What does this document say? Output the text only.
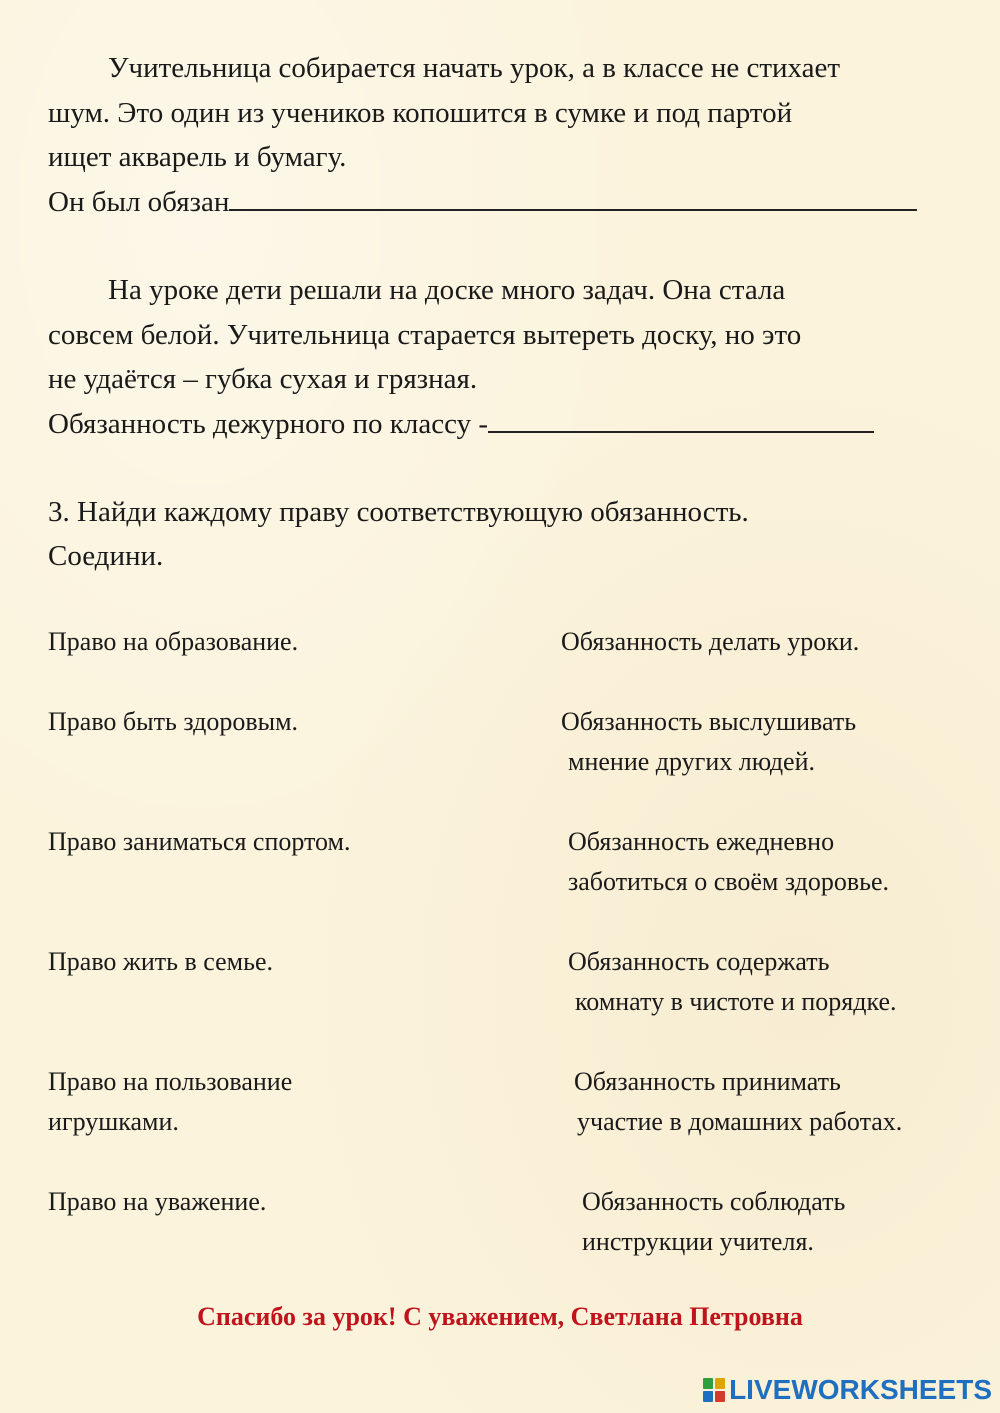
Учительница собирается начать урок, а в классе не стихает
шум. Это один из учеников копошится в сумке и под партой
ищет акварель и бумагу.
Он был обязан

На уроке дети решали на доске много задач. Она стала
совсем белой. Учительница старается вытереть доску, но это
не удаётся – губка сухая и грязная.
Обязанность дежурного по классу -

3. Найди каждому праву соответствующую обязанность.
Соедини.
Право на образование.
Право быть здоровым.
Право заниматься спортом.
Право жить в семье.
Право на пользование
игрушками.
Право на уважение.
Обязанность делать уроки.
Обязанность выслушивать
мнение других людей.
Обязанность ежедневно
заботиться о своём здоровье.
Обязанность содержать
комнату в чистоте и порядке.
Обязанность принимать
участие в домашних работах.
Обязанность соблюдать
инструкции учителя.
Спасибо за урок! С уважением, Светлана Петровна
LIVEWORKSHEETS
